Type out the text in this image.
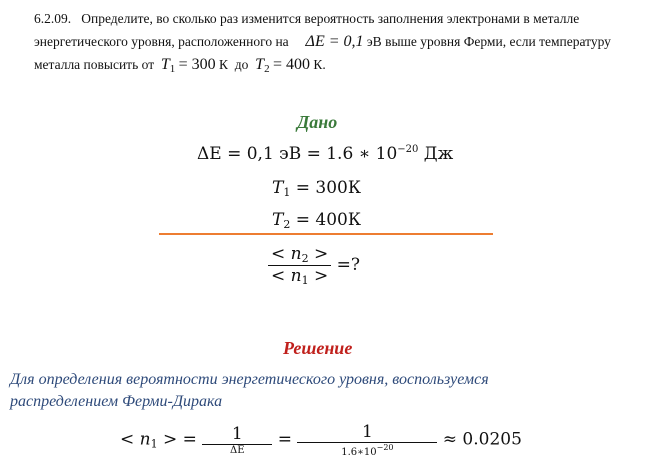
6.2.09. Определите, во сколько раз изменится вероятность заполнения электронами в металле
энергетического уровня, расположенного на ΔE = 0,1 эВ выше уровня Ферми, если температуру
металла повысить от $T_1 = 300$ К до $T_2 = 400$ К.
Дано
ΔE = 0,1 эВ = 1.6 ∗ $10^{-20}$ Дж
$T_1 = 300К$
$T_2 = 400К$
$\frac{< n_2 >}{< n_1 >}$ =?
Решение
Для определения вероятности энергетического уровня, воспользуемся
распределением Ферми-Дирака
< $n_1$ > = $\frac{1}{\Delta E} = \frac{1}{1.6∗10^{-20}} \approx 0.0205$
